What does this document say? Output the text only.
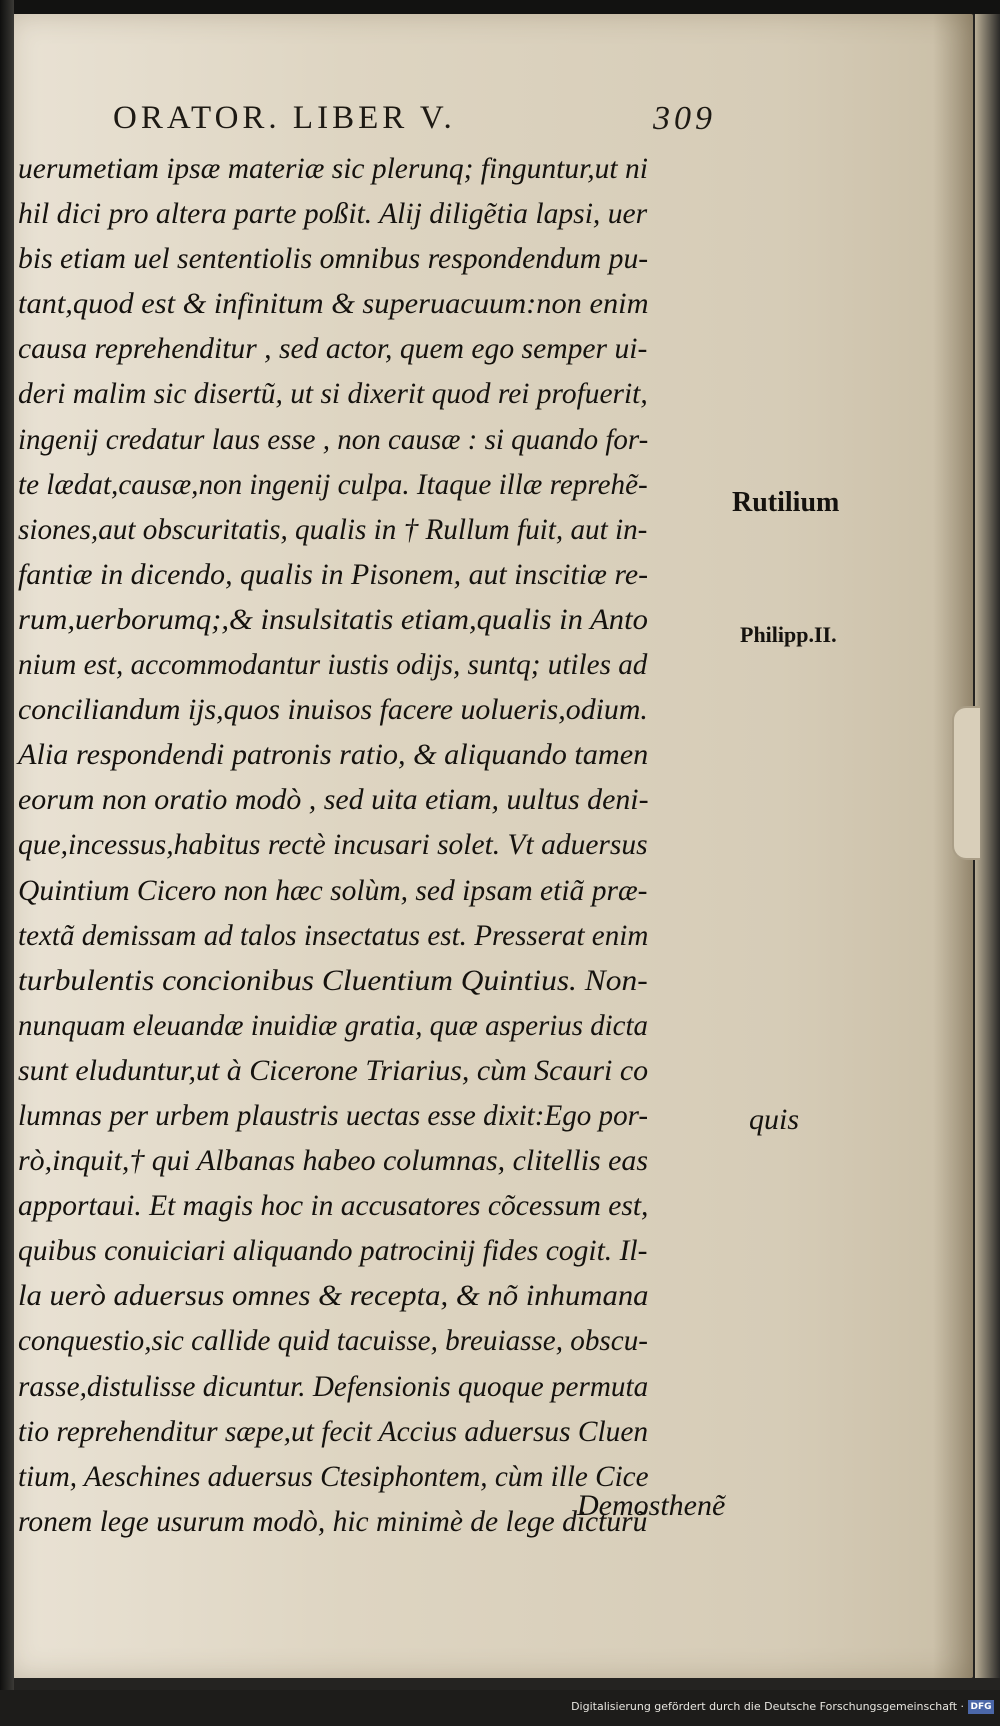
ORATOR. LIBER V.	309
uerumetiam ipsæ materiæ sic plerunq; finguntur,ut ni
hil dici pro altera parte poßit. Alij diligẽtia lapsi, uer
bis etiam uel sententiolis omnibus respondendum pu-
tant,quod est & infinitum & superuacuum:non enim
causa reprehenditur , sed actor, quem ego semper ui-
deri malim sic disertũ, ut si dixerit quod rei profuerit,
ingenij credatur laus esse , non causæ : si quando for-
te lædat,causæ,non ingenij culpa. Itaque illæ reprehẽ-
siones,aut obscuritatis, qualis in † Rullum fuit, aut in-
fantiæ in dicendo, qualis in Pisonem, aut inscitiæ re-
rum,uerborumq;,& insulsitatis etiam,qualis in Anto
nium est, accommodantur iustis odijs, suntq; utiles ad
conciliandum ijs,quos inuisos facere uolueris,odium.
Alia respondendi patronis ratio, & aliquando tamen
eorum non oratio modò , sed uita etiam, uultus deni-
que,incessus,habitus rectè incusari solet. Vt aduersus
Quintium Cicero non hæc solùm, sed ipsam etiã præ-
textã demissam ad talos insectatus est. Presserat enim
turbulentis concionibus Cluentium Quintius. Non-
nunquam eleuandæ inuidiæ gratia, quæ asperius dicta
sunt eluduntur,ut à Cicerone Triarius, cùm Scauri co
lumnas per urbem plaustris uectas esse dixit:Ego por-
rò,inquit,† qui Albanas habeo columnas, clitellis eas
apportaui. Et magis hoc in accusatores cõcessum est,
quibus conuiciari aliquando patrocinij fides cogit. Il-
la uerò aduersus omnes & recepta, & nõ inhumana
conquestio,sic callide quid tacuisse, breuiasse, obscu-
rasse,distulisse dicuntur. Defensionis quoque permuta
tio reprehenditur sæpe,ut fecit Accius aduersus Cluen
tium, Aeschines aduersus Ctesiphontem, cùm ille Cice
ronem lege usurum modò, hic minimè de lege dicturũ
Rutilium
Philipp.II.
quis
Demosthenẽ
Digitalisierung gefördert durch die Deutsche Forschungsgemeinschaft · DFG
